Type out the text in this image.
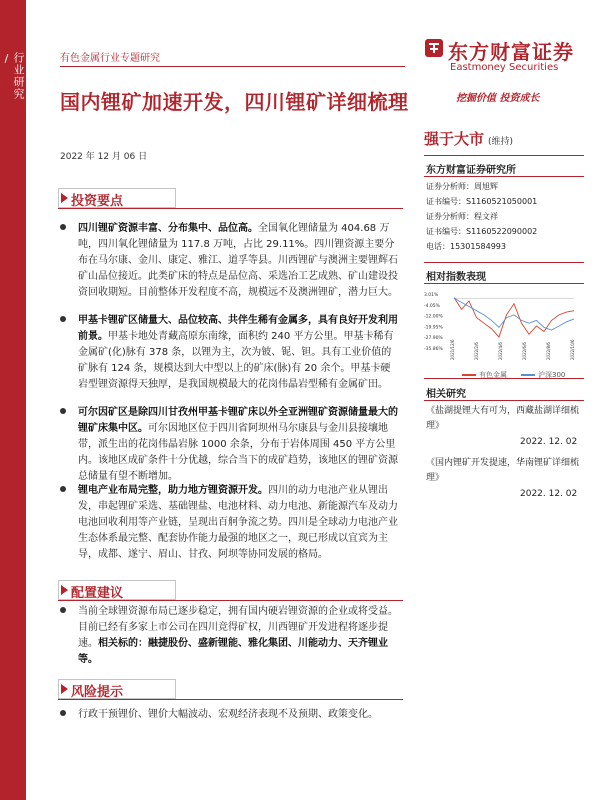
行业研究
/	有色金属行业专题研究
国内锂矿加速开发，四川锂矿详细梳理
2022 年 12 月 06 日
东方财富证券
Eastmoney Securities
挖掘价值 投资成长
投资要点
四川锂矿资源丰富、分布集中、品位高。全国氧化锂储量为 404.68 万吨，四川氧化锂储量为 117.8 万吨，占比 29.11%。四川锂资源主要分布在马尔康、金川、康定、雅江、道孚等县。川西锂矿与澳洲主要锂辉石矿山品位接近。此类矿床的特点是品位高、采选冶工艺成熟、矿山建设投资回收期短。目前整体开发程度不高，规模远不及澳洲锂矿，潜力巨大。
甲基卡锂矿区储量大、品位较高、共伴生稀有金属多，具有良好开发利用前景。甲基卡地处青藏高原东南缘，面积约 240 平方公里。甲基卡稀有金属矿(化)脉有 378 条，以锂为主，次为铍、铌、钽。具有工业价值的矿脉有 124 条，规模达到大中型以上的矿床(脉)有 20 余个。甲基卡硬岩型锂资源得天独厚，是我国规模最大的花岗伟晶岩型稀有金属矿田。
可尔因矿区是除四川甘孜州甲基卡锂矿床以外全亚洲锂矿资源储量最大的锂矿床集中区。可尔因地区位于四川省阿坝州马尔康县与金川县接壤地带，派生出的花岗伟晶岩脉 1000 余条，分布于岩体周围 450 平方公里内。该地区成矿条件十分优越，综合当下的成矿趋势，该地区的锂矿资源总储量有望不断增加。
锂电产业布局完整，助力地方锂资源开发。四川的动力电池产业从锂出发，串起锂矿采选、基础锂盐、电池材料、动力电池、新能源汽车及动力电池回收利用等产业链，呈现出百舸争流之势。四川是全球动力电池产业生态体系最完整、配套协作能力最强的地区之一，现已形成以宜宾为主导，成都、遂宁、眉山、甘孜、阿坝等协同发展的格局。
配置建议
当前全球锂资源布局已逐步稳定，拥有国内硬岩锂资源的企业或将受益。目前已经有多家上市公司在四川竞得矿权，川西锂矿开发进程将逐步提速。相关标的：融捷股份、盛新锂能、雅化集团、川能动力、天齐锂业等。
风险提示
行政干预锂价、锂价大幅波动、宏观经济表现不及预期、政策变化。
强于大市 (维持)
东方财富证券研究所
证券分析师：周旭辉
证书编号：S1160521050001
证券分析师：程文祥
证书编号：S1160522090002
电话：15301584993
相对指数表现
3.01%
-4.05%
-12.00%
-19.95%
-27.90%
-35.86% 2021/12/6	2022/2/6	2022/4/6	2022/6/6	2022/8/6	2022/10/6
有色金属	沪深300
相关研究
《盐湖提锂大有可为，西藏盐湖详细梳理》
2022. 12. 02
《国内锂矿开发提速，华南锂矿详细梳理》
2022. 12. 02
